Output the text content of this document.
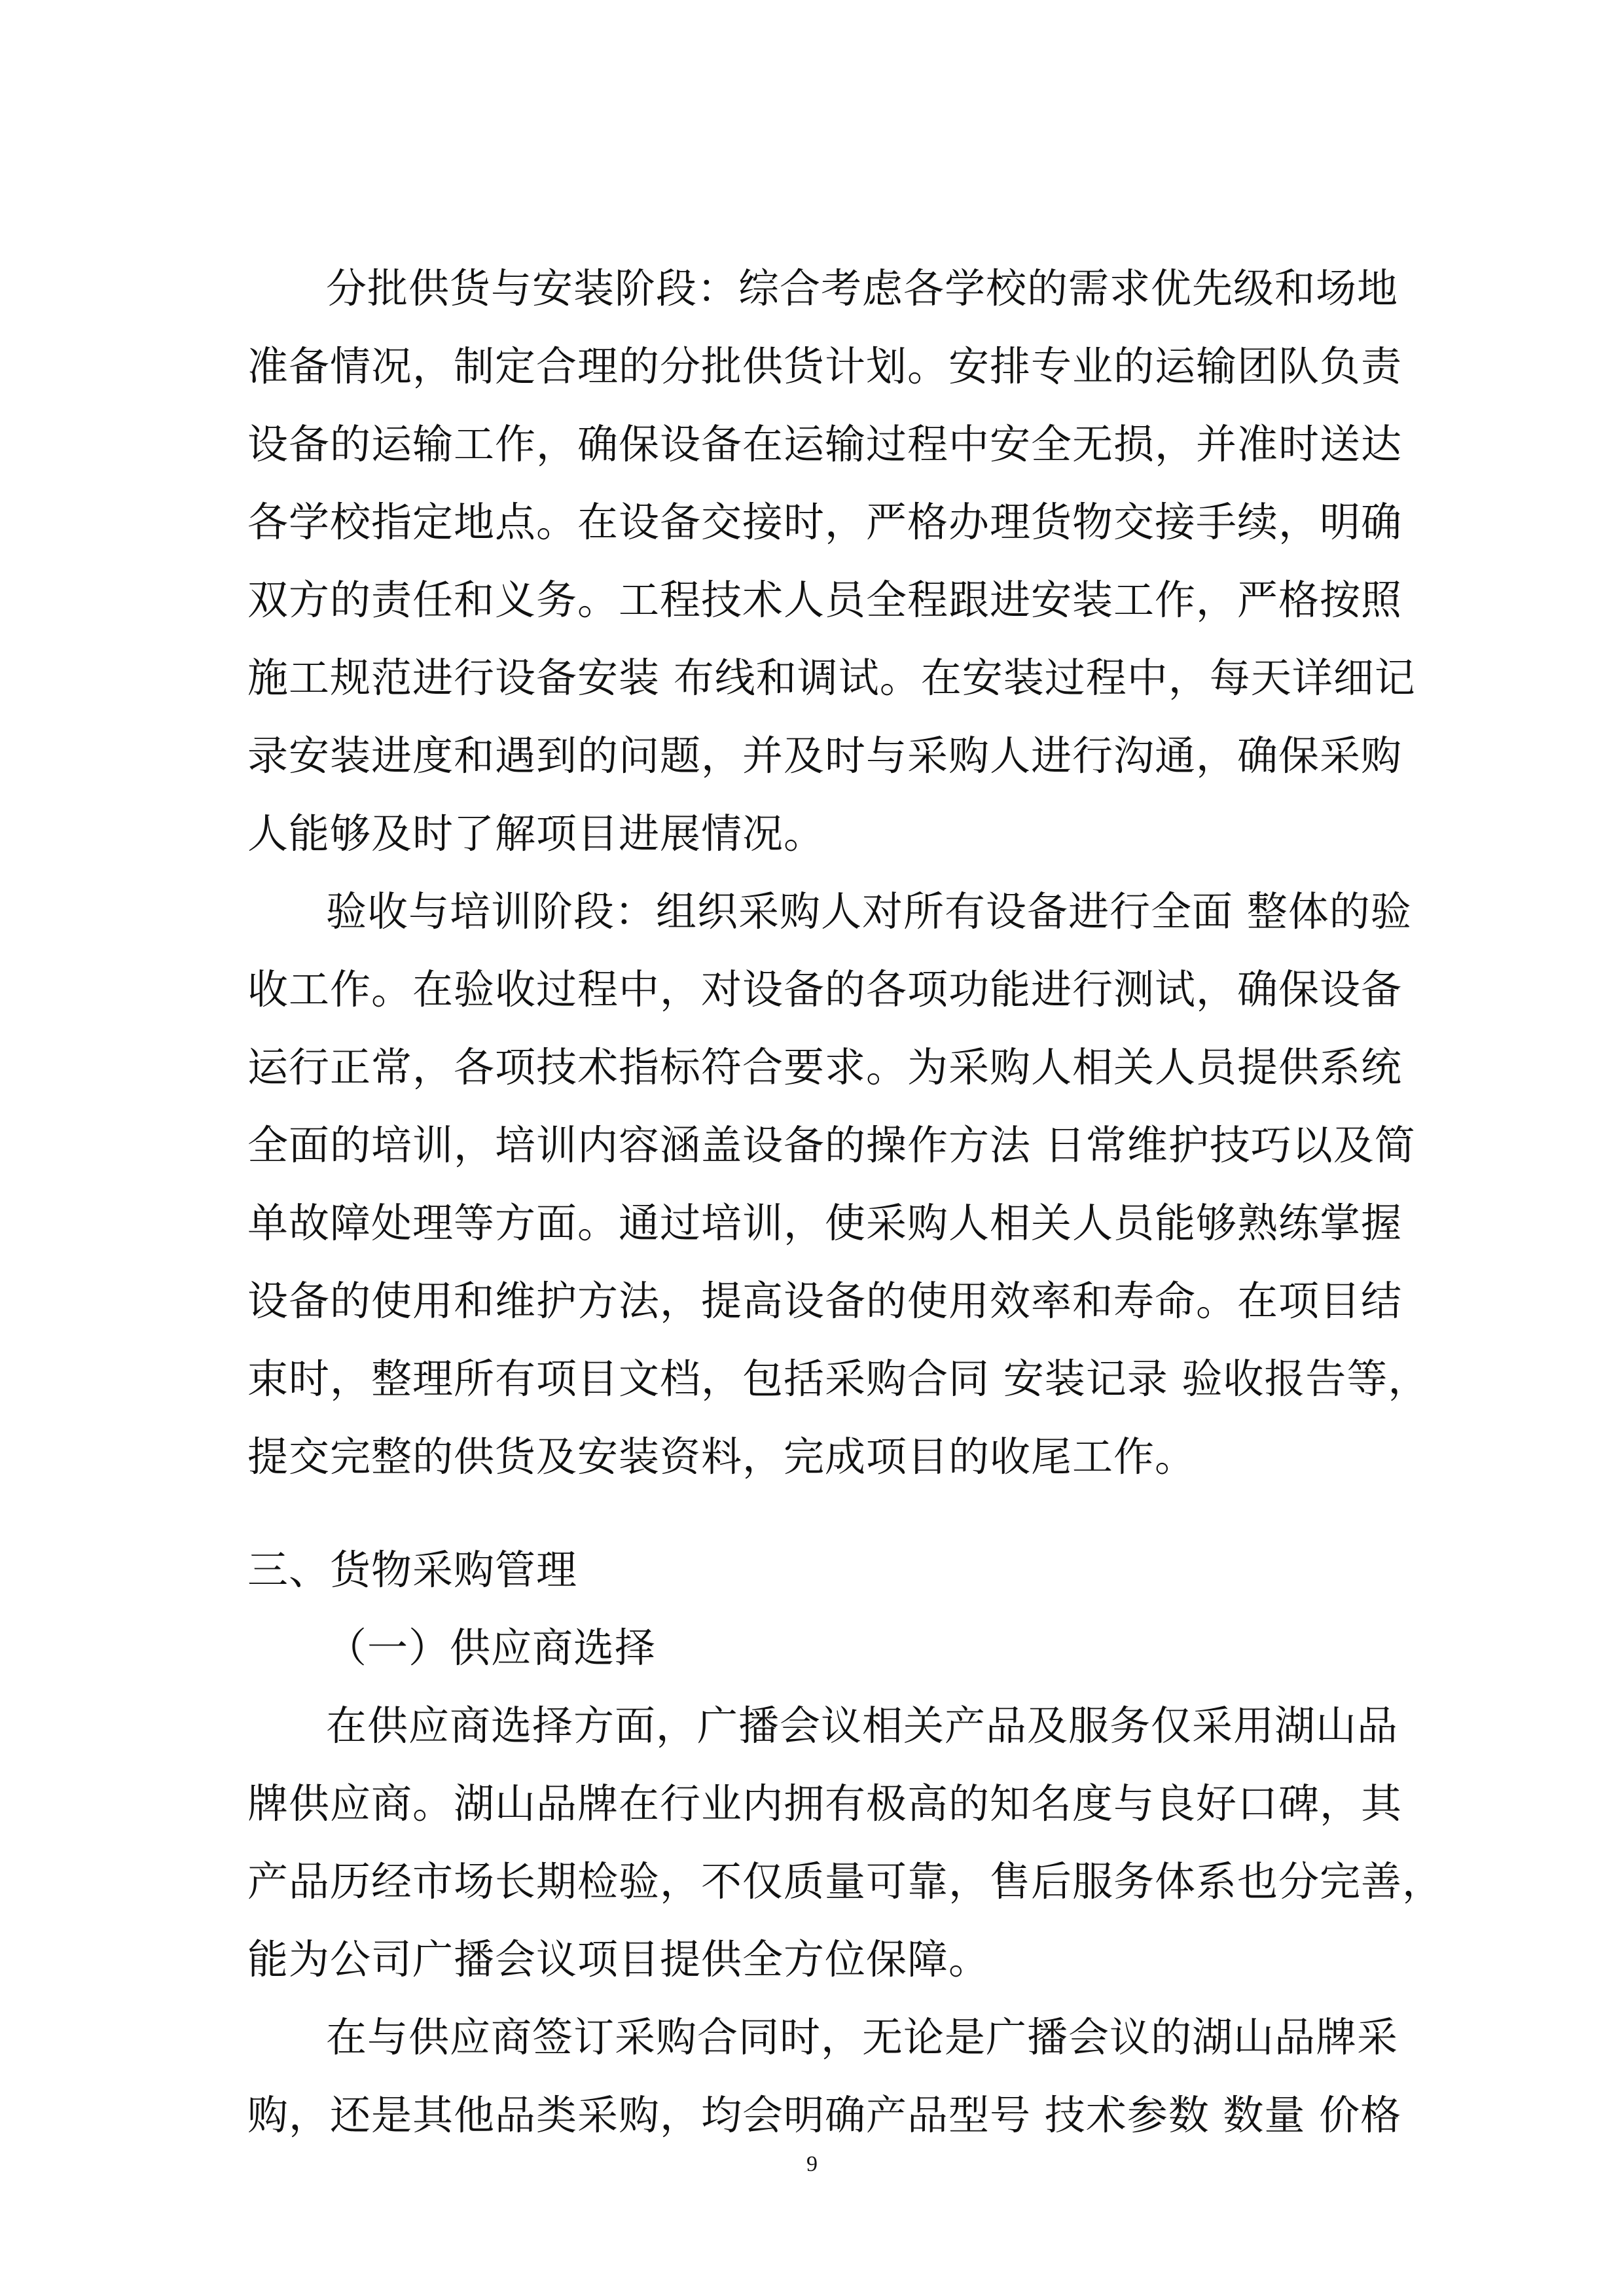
分批供货与安装阶段：综合考虑各学校的需求优先级和场地
准备情况，制定合理的分批供货计划。安排专业的运输团队负责
设备的运输工作，确保设备在运输过程中安全无损，并准时送达
各学校指定地点。在设备交接时，严格办理货物交接手续，明确
双方的责任和义务。工程技术人员全程跟进安装工作，严格按照
施工规范进行设备安装 布线和调试。在安装过程中，每天详细记
录安装进度和遇到的问题，并及时与采购人进行沟通，确保采购
人能够及时了解项目进展情况。
验收与培训阶段：组织采购人对所有设备进行全面 整体的验
收工作。在验收过程中，对设备的各项功能进行测试，确保设备
运行正常，各项技术指标符合要求。为采购人相关人员提供系统
全面的培训，培训内容涵盖设备的操作方法 日常维护技巧以及简
单故障处理等方面。通过培训，使采购人相关人员能够熟练掌握
设备的使用和维护方法，提高设备的使用效率和寿命。在项目结
束时，整理所有项目文档，包括采购合同 安装记录 验收报告等，
提交完整的供货及安装资料，完成项目的收尾工作。
三、货物采购管理
（一）供应商选择
在供应商选择方面，广播会议相关产品及服务仅采用湖山品
牌供应商。湖山品牌在行业内拥有极高的知名度与良好口碑，其
产品历经市场长期检验，不仅质量可靠，售后服务体系也分完善，
能为公司广播会议项目提供全方位保障。
在与供应商签订采购合同时，无论是广播会议的湖山品牌采
购，还是其他品类采购，均会明确产品型号 技术参数 数量 价格
9
